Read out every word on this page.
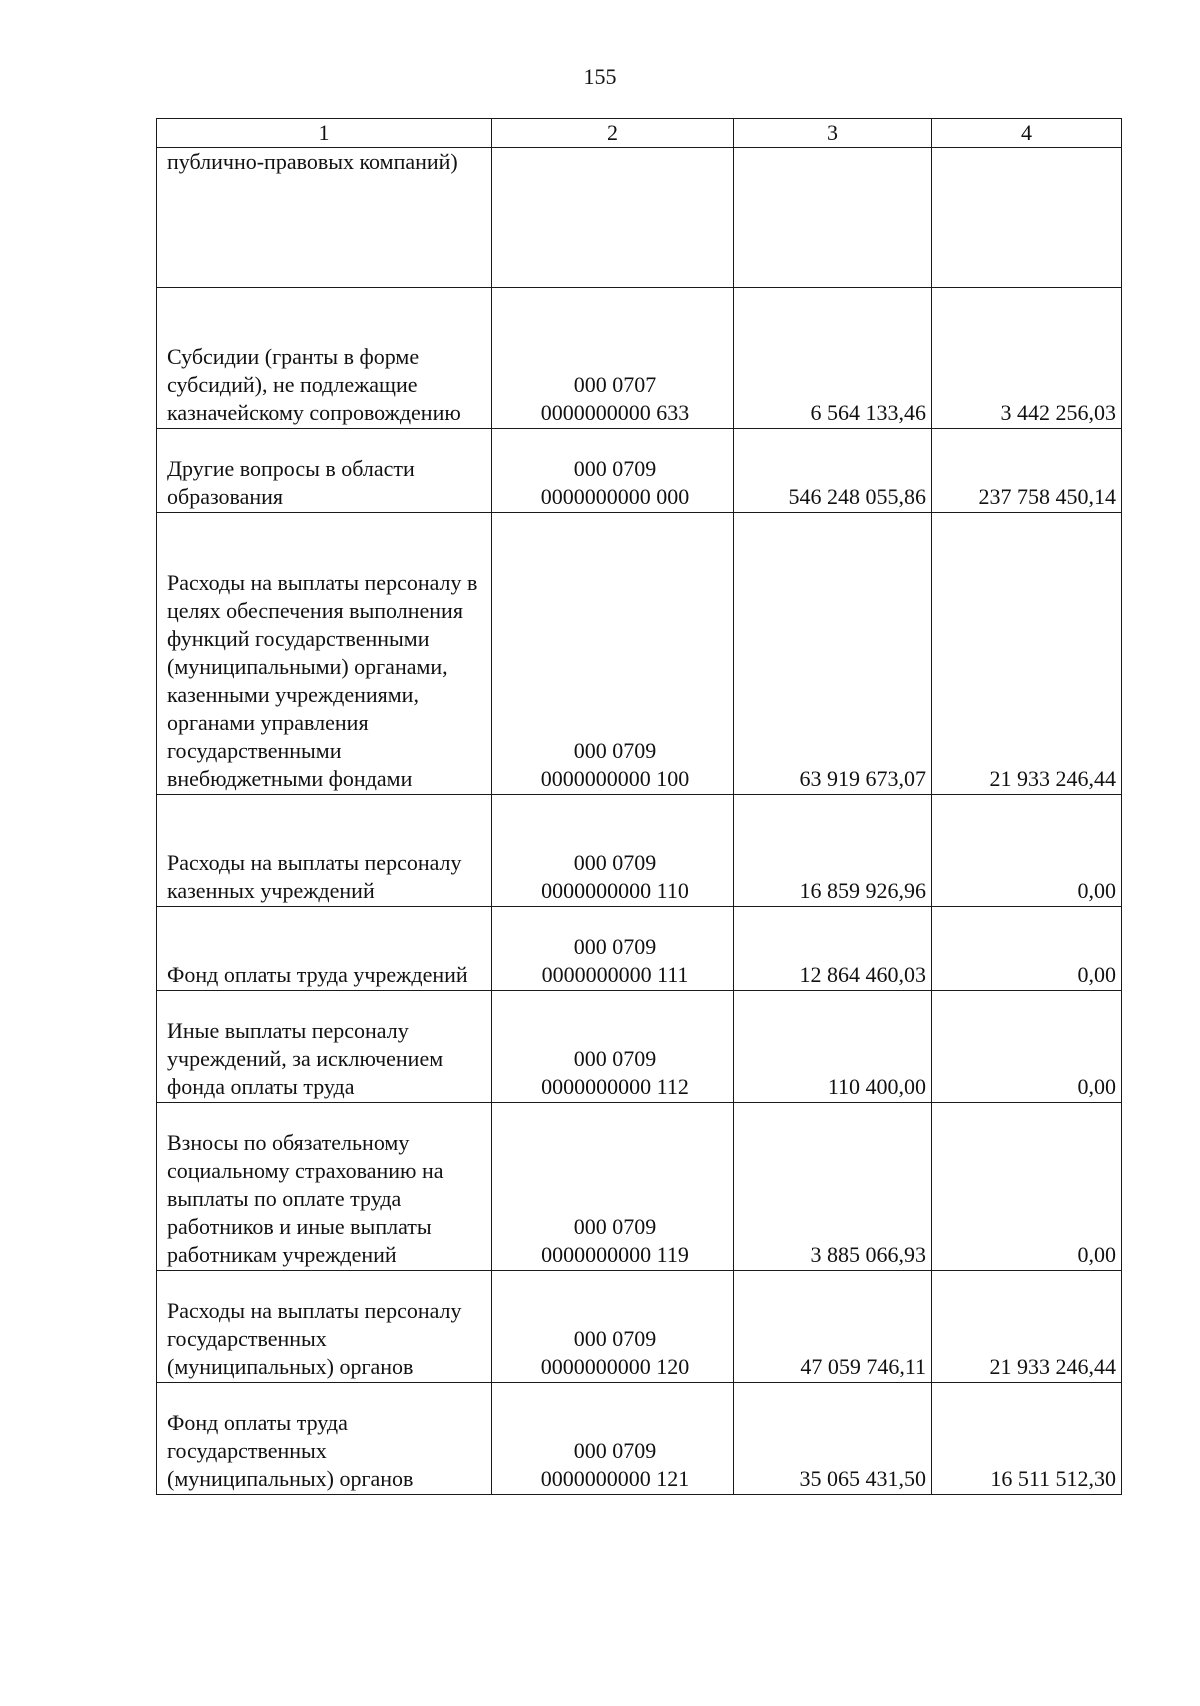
155
1	2	3	4
публично-правовых компаний)			
Субсидии (гранты в форме субсидий), не подлежащие казначейскому сопровождению	000 0707
0000000000 633	6 564 133,46	3 442 256,03
Другие вопросы в области образования	000 0709
0000000000 000	546 248 055,86	237 758 450,14
Расходы на выплаты персоналу в целях обеспечения выполнения функций государственными (муниципальными) органами, казенными учреждениями, органами управления государственными внебюджетными фондами	000 0709
0000000000 100	63 919 673,07	21 933 246,44
Расходы на выплаты персоналу казенных учреждений	000 0709
0000000000 110	16 859 926,96	0,00
Фонд оплаты труда учреждений	000 0709
0000000000 111	12 864 460,03	0,00
Иные выплаты персоналу учреждений, за исключением фонда оплаты труда	000 0709
0000000000 112	110 400,00	0,00
Взносы по обязательному социальному страхованию на выплаты по оплате труда работников и иные выплаты работникам учреждений	000 0709
0000000000 119	3 885 066,93	0,00
Расходы на выплаты персоналу государственных (муниципальных) органов	000 0709
0000000000 120	47 059 746,11	21 933 246,44
Фонд оплаты труда государственных (муниципальных) органов	000 0709
0000000000 121	35 065 431,50	16 511 512,30
